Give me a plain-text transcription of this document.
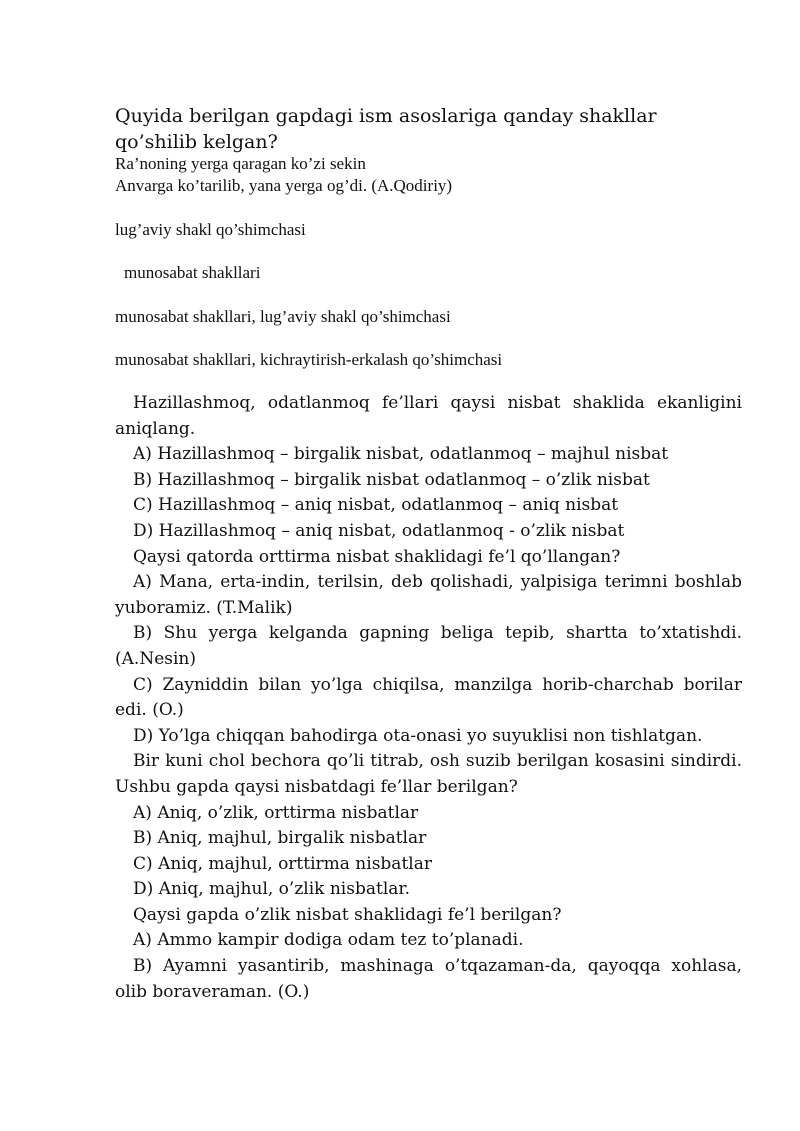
Quyida berilgan gapdagi ism asoslariga qanday shakllar qo’shilib kelgan?
Ra’noning yerga qaragan ko’zi sekin
Anvarga ko’tarilib, yana yerga og’di. (A.Qodiriy)
lug’aviy shakl qo’shimchasi
munosabat shakllari
munosabat shakllari, lug’aviy shakl qo’shimchasi
munosabat shakllari, kichraytirish-erkalash qo’shimchasi

Hazillashmoq, odatlanmoq fe’llari qaysi nisbat shaklida ekanligini aniqlang.

A) Hazillashmoq – birgalik nisbat, odatlanmoq – majhul nisbat

B) Hazillashmoq – birgalik nisbat odatlanmoq – o’zlik nisbat

C) Hazillashmoq – aniq nisbat, odatlanmoq – aniq nisbat

D) Hazillashmoq – aniq nisbat, odatlanmoq - o’zlik nisbat

Qaysi qatorda orttirma nisbat shaklidagi fe’l qo’llangan?

A) Mana, erta-indin, terilsin, deb qolishadi, yalpisiga terimni boshlab yuboramiz. (T.Malik)

B) Shu yerga kelganda gapning beliga tepib, shartta to’xtatishdi. (A.Nesin)

C) Zayniddin bilan yo’lga chiqilsa, manzilga horib-charchab borilar edi. (O.)

D) Yo’lga chiqqan bahodirga ota-onasi yo suyuklisi non tishlatgan.

Bir kuni chol bechora qo’li titrab, osh suzib berilgan kosasini sindirdi. Ushbu gapda qaysi nisbatdagi fe’llar berilgan?

A) Aniq, o’zlik, orttirma nisbatlar

B) Aniq, majhul, birgalik nisbatlar

C) Aniq, majhul, orttirma nisbatlar

D) Aniq, majhul, o’zlik nisbatlar.

Qaysi gapda o’zlik nisbat shaklidagi fe’l berilgan?

A) Ammo kampir dodiga odam tez to’planadi.

B) Ayamni yasantirib, mashinaga o’tqazaman-da, qayoqqa xohlasa, olib boraveraman. (O.)
